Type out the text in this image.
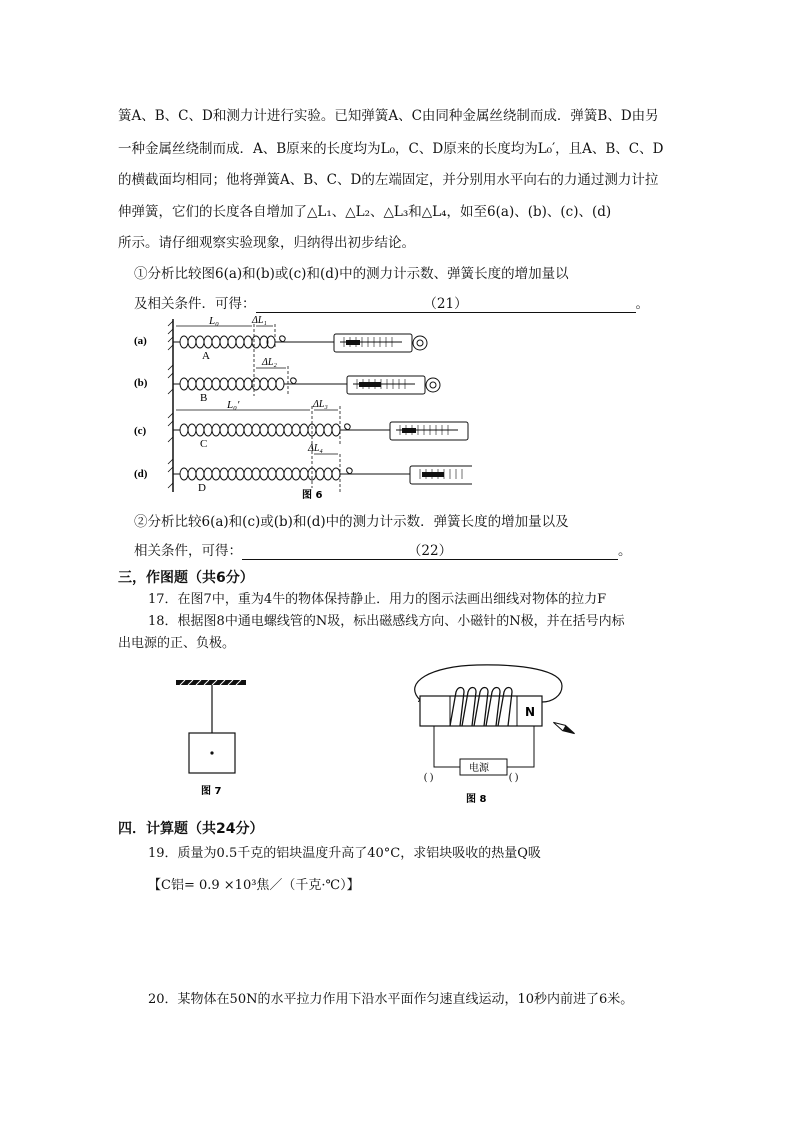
簧A、B、C、D和测力计进行实验。已知弹簧A、C由同种金属丝绕制而成．弹簧B、D由另
一种金属丝绕制而成．A、B原来的长度均为L₀，C、D原来的长度均为L₀′，且A、B、C、D
的横截面均相同；他将弹簧A、B、C、D的左端固定，并分别用水平向右的力通过测力计拉
伸弹簧，它们的长度各自增加了△L₁、△L₂、△L₃和△L₄，如至6(a)、(b)、(c)、(d)
所示。请仔细观察实验现象，归纳得出初步结论。
①分析比较图6(a)和(b)或(c)和(d)中的测力计示数、弹簧长度的增加量以
及相关条件．可得：	（21）	。
(a)
(b)
(c)
(d)
L₀	ΔL₁
ΔL₂
L₀′	ΔL₃
ΔL₄
A
B
C
D
图 6
②分析比较6(a)和(c)或(b)和(d)中的测力计示数．弹簧长度的增加量以及
相关条件，可得：	（22）	。
三，作图题（共6分）
17．在图7中，重为4牛的物体保持静止．用力的图示法画出细线对物体的拉力F
18．根据图8中通电螺线管的N圾，标出磁感线方向、小磁针的N极，并在括号内标
出电源的正、负极。
图 7
N
电源
( )	( )
图 8
四．计算题（共24分）
19．质量为0.5千克的铝块温度升高了40°C，求铝块吸收的热量Q吸
【C铝= 0.9 ×10³焦／（千克·℃）】
20．某物体在50N的水平拉力作用下沿水平面作匀速直线运动，10秒内前进了6米。
